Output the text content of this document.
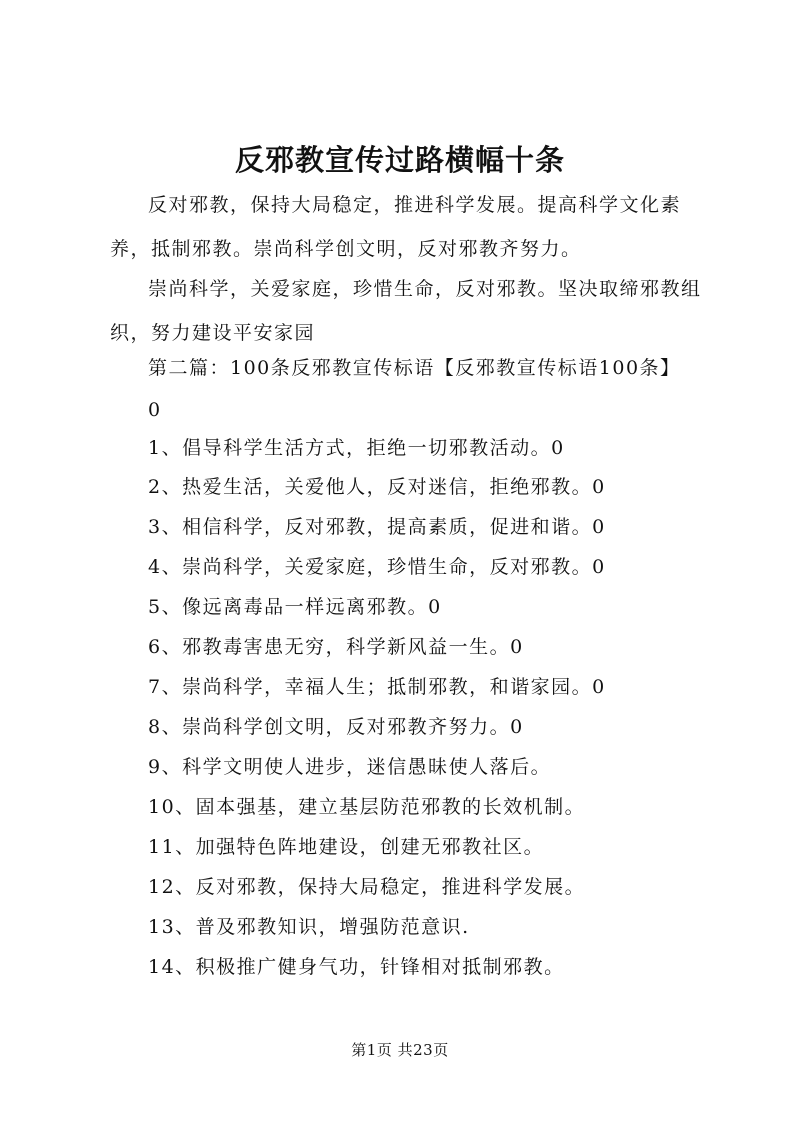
反邪教宣传过路横幅十条
反对邪教，保持大局稳定，推进科学发展。提高科学文化素养，抵制邪教。崇尚科学创文明，反对邪教齐努力。
崇尚科学，关爱家庭，珍惜生命，反对邪教。坚决取缔邪教组织，努力建设平安家园
第二篇：100条反邪教宣传标语【反邪教宣传标语100条】
0
1、倡导科学生活方式，拒绝一切邪教活动。0
2、热爱生活，关爱他人，反对迷信，拒绝邪教。0
3、相信科学，反对邪教，提高素质，促进和谐。0
4、崇尚科学，关爱家庭，珍惜生命，反对邪教。0
5、像远离毒品一样远离邪教。0
6、邪教毒害患无穷，科学新风益一生。0
7、崇尚科学，幸福人生；抵制邪教，和谐家园。0
8、崇尚科学创文明，反对邪教齐努力。0
9、科学文明使人进步，迷信愚昧使人落后。
10、固本强基，建立基层防范邪教的长效机制。
11、加强特色阵地建设，创建无邪教社区。
12、反对邪教，保持大局稳定，推进科学发展。
13、普及邪教知识，增强防范意识.
14、积极推广健身气功，针锋相对抵制邪教。
第1页 共23页
